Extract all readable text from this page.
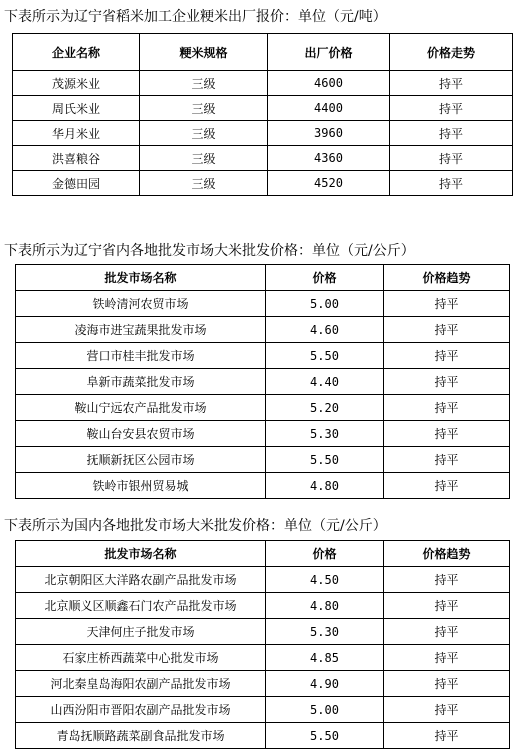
下表所示为辽宁省稻米加工企业粳米出厂报价：单位（元/吨）

企业名称	粳米规格	出厂价格	价格走势
茂源米业	三级	4600	持平
周氏米业	三级	4400	持平
华月米业	三级	3960	持平
洪喜粮谷	三级	4360	持平
金德田园	三级	4520	持平

下表所示为辽宁省内各地批发市场大米批发价格：单位（元/公斤）

批发市场名称	价格	价格趋势
铁岭清河农贸市场	5.00	持平
凌海市进宝蔬果批发市场	4.60	持平
营口市桂丰批发市场	5.50	持平
阜新市蔬菜批发市场	4.40	持平
鞍山宁远农产品批发市场	5.20	持平
鞍山台安县农贸市场	5.30	持平
抚顺新抚区公园市场	5.50	持平
铁岭市银州贸易城	4.80	持平

下表所示为国内各地批发市场大米批发价格：单位（元/公斤）

批发市场名称	价格	价格趋势
北京朝阳区大洋路农副产品批发市场	4.50	持平
北京顺义区顺鑫石门农产品批发市场	4.80	持平
天津何庄子批发市场	5.30	持平
石家庄桥西蔬菜中心批发市场	4.85	持平
河北秦皇岛海阳农副产品批发市场	4.90	持平
山西汾阳市晋阳农副产品批发市场	5.00	持平
青岛抚顺路蔬菜副食品批发市场	5.50	持平
